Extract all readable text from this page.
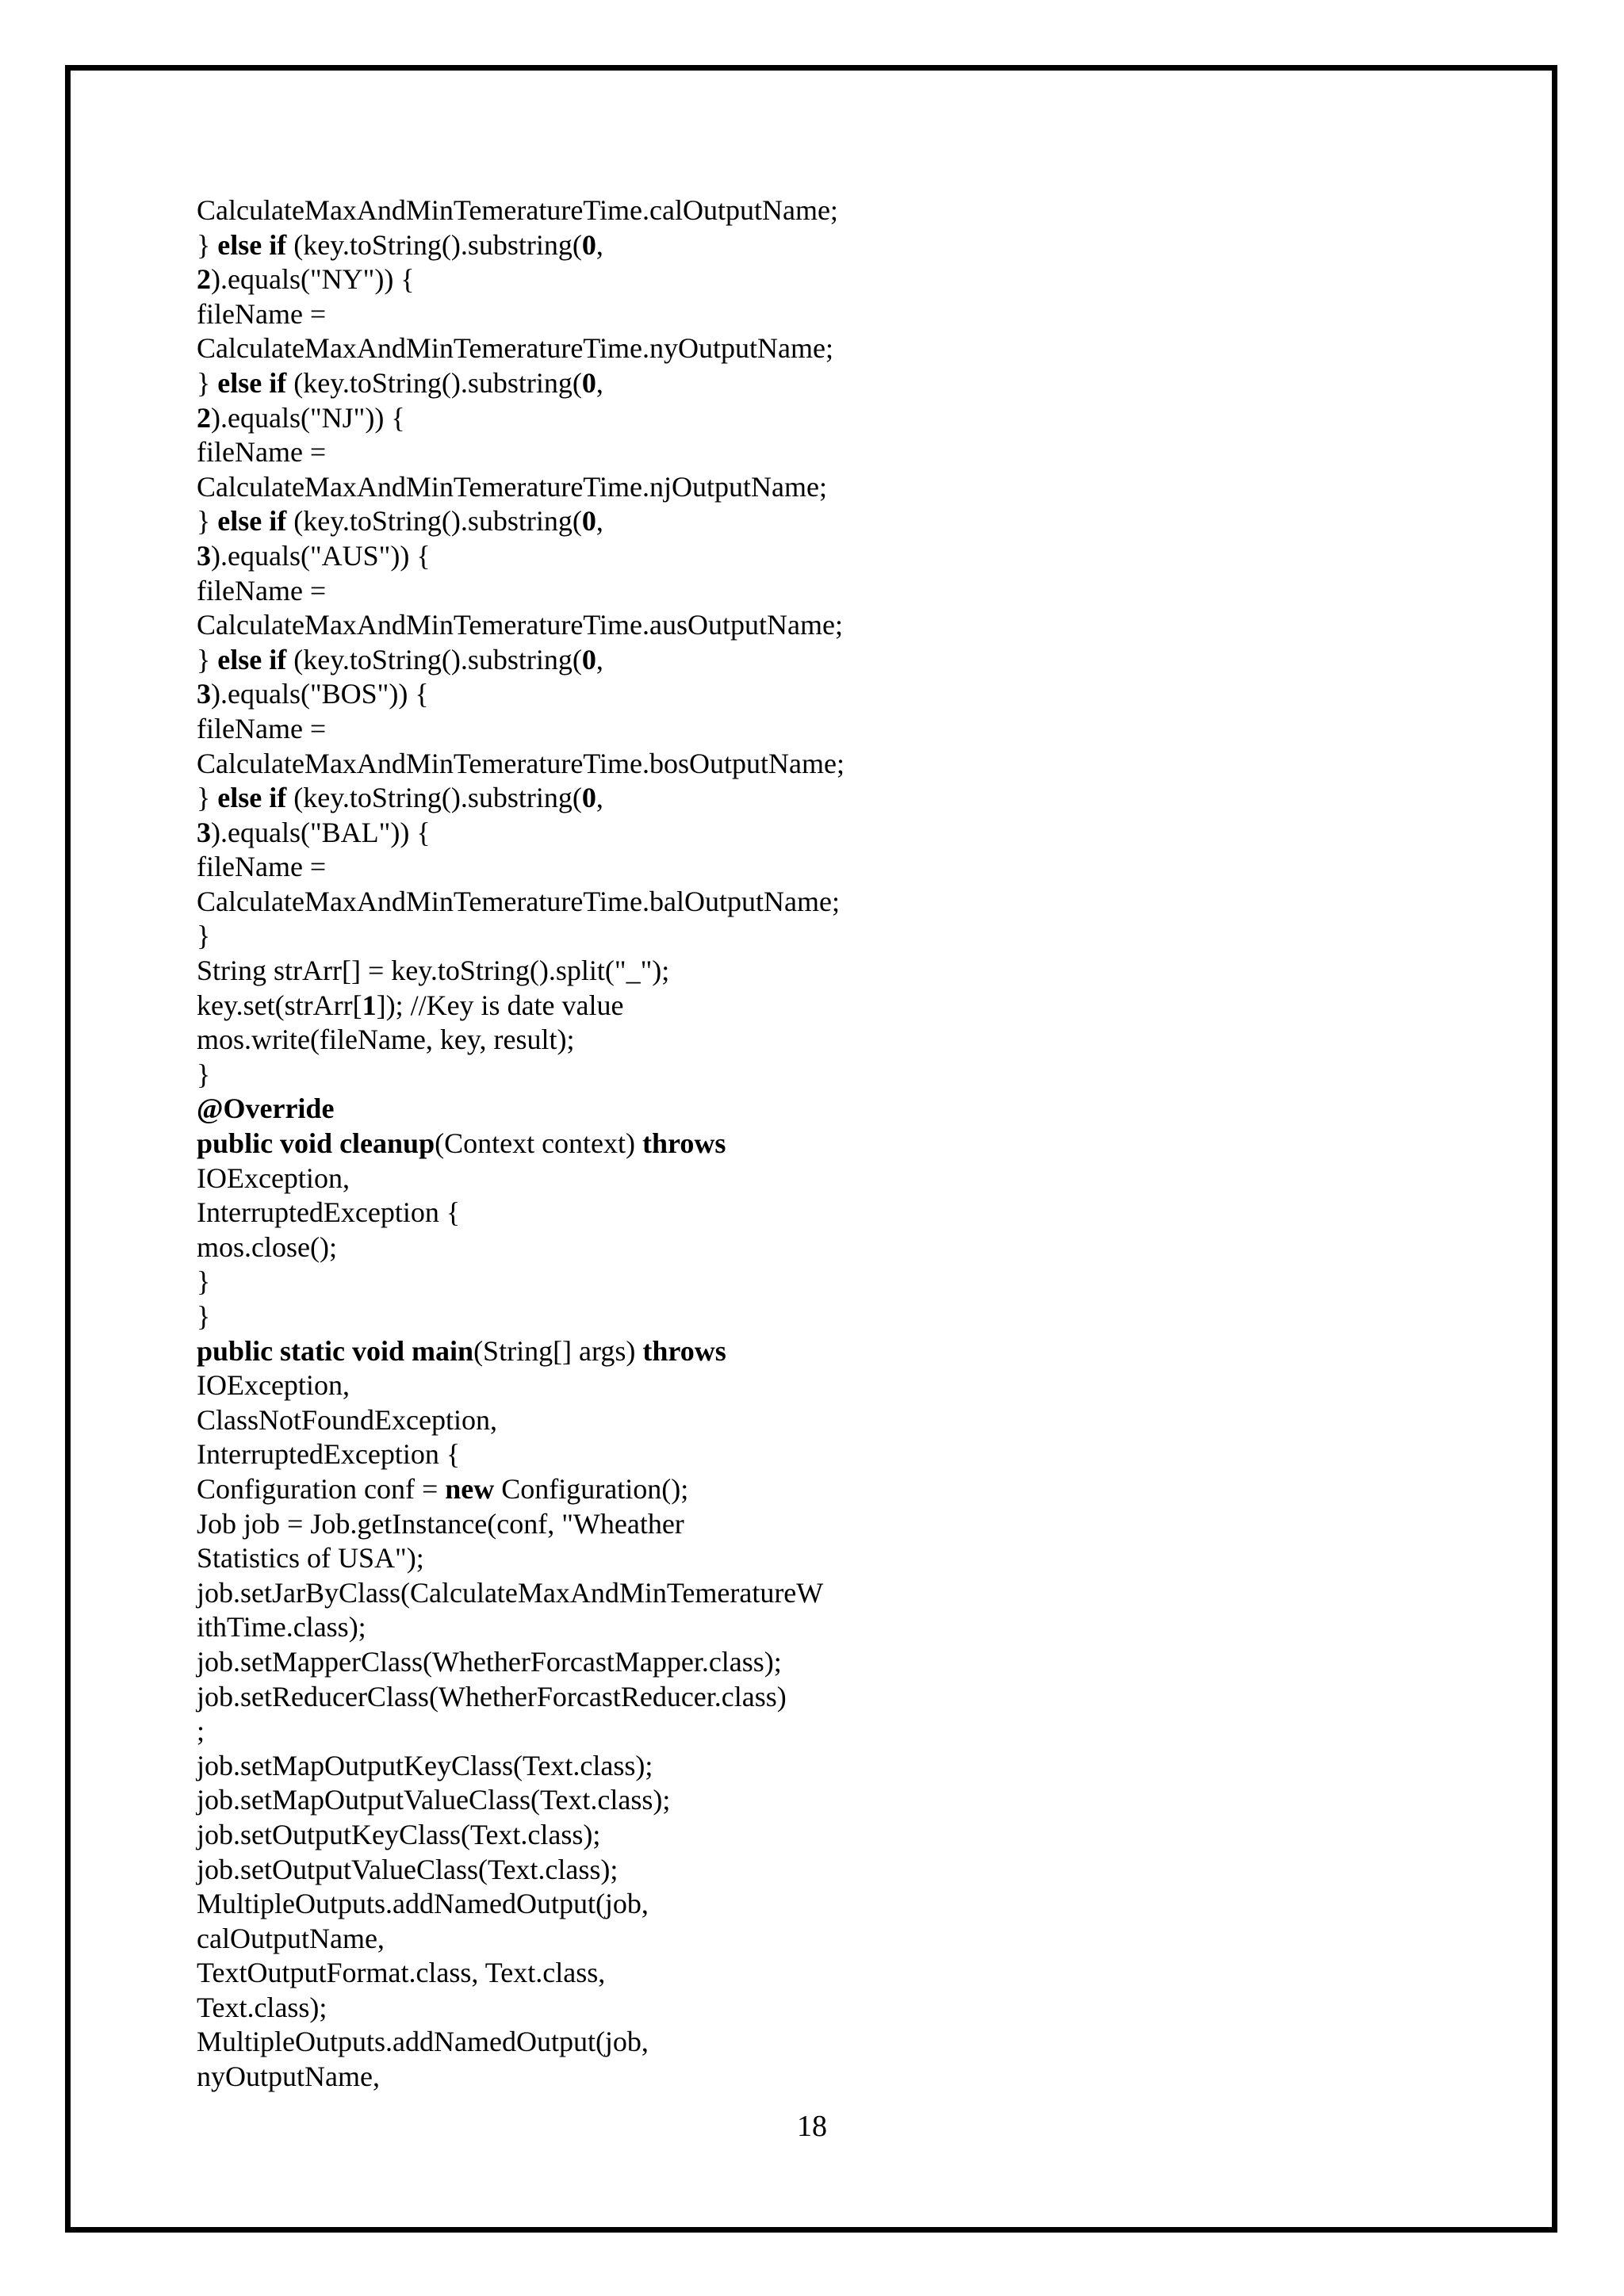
CalculateMaxAndMinTemeratureTime.calOutputName;
} else if (key.toString().substring(0,
2).equals("NY")) {
fileName =
CalculateMaxAndMinTemeratureTime.nyOutputName;
} else if (key.toString().substring(0,
2).equals("NJ")) {
fileName =
CalculateMaxAndMinTemeratureTime.njOutputName;
} else if (key.toString().substring(0,
3).equals("AUS")) {
fileName =
CalculateMaxAndMinTemeratureTime.ausOutputName;
} else if (key.toString().substring(0,
3).equals("BOS")) {
fileName =
CalculateMaxAndMinTemeratureTime.bosOutputName;
} else if (key.toString().substring(0,
3).equals("BAL")) {
fileName =
CalculateMaxAndMinTemeratureTime.balOutputName;
}
String strArr[] = key.toString().split("_");
key.set(strArr[1]); //Key is date value
mos.write(fileName, key, result);
}
@Override
public void cleanup(Context context) throws
IOException,
InterruptedException {
mos.close();
}
}
public static void main(String[] args) throws
IOException,
ClassNotFoundException,
InterruptedException {
Configuration conf = new Configuration();
Job job = Job.getInstance(conf, "Wheather
Statistics of USA");
job.setJarByClass(CalculateMaxAndMinTemeratureW
ithTime.class);
job.setMapperClass(WhetherForcastMapper.class);
job.setReducerClass(WhetherForcastReducer.class)
;
job.setMapOutputKeyClass(Text.class);
job.setMapOutputValueClass(Text.class);
job.setOutputKeyClass(Text.class);
job.setOutputValueClass(Text.class);
MultipleOutputs.addNamedOutput(job,
calOutputName,
TextOutputFormat.class, Text.class,
Text.class);
MultipleOutputs.addNamedOutput(job,
nyOutputName,
18
